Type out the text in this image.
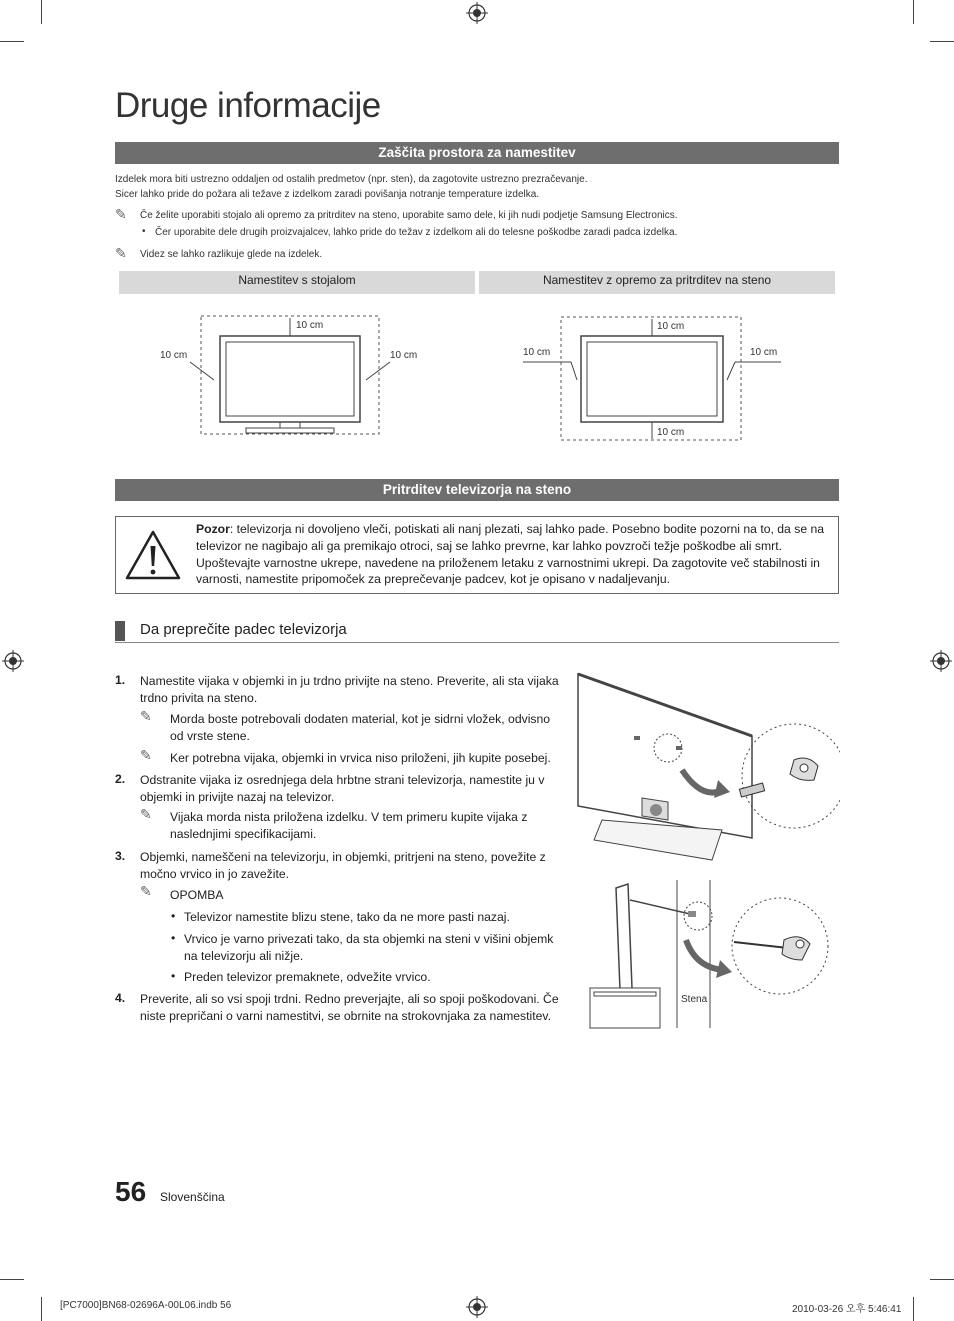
Druge informacije
Zaščita prostora za namestitev
Izdelek mora biti ustrezno oddaljen od ostalih predmetov (npr. sten), da zagotovite ustrezno prezračevanje.
Sicer lahko pride do požara ali težave z izdelkom zaradi povišanja notranje temperature izdelka.
✎ Če želite uporabiti stojalo ali opremo za pritrditev na steno, uporabite samo dele, ki jih nudi podjetje Samsung Electronics.
• Čer uporabite dele drugih proizvajalcev, lahko pride do težav z izdelkom ali do telesne poškodbe zaradi padca izdelka.
✎ Videz se lahko razlikuje glede na izdelek.
Namestitev s stojalom	Namestitev z opremo za pritrditev na steno
10 cm
10 cm	10 cm
10 cm
10 cm	10 cm
10 cm
Pritrditev televizorja na steno
Pozor: televizorja ni dovoljeno vleči, potiskati ali nanj plezati, saj lahko pade. Posebno bodite pozorni na to, da se na televizor ne nagibajo ali ga premikajo otroci, saj se lahko prevrne, kar lahko povzroči težje poškodbe ali smrt. Upoštevajte varnostne ukrepe, navedene na priloženem letaku z varnostnimi ukrepi. Da zagotovite več stabilnosti in varnosti, namestite pripomoček za preprečevanje padcev, kot je opisano v nadaljevanju.
Da preprečite padec televizorja
1. Namestite vijaka v objemki in ju trdno privijte na steno. Preverite, ali sta vijaka trdno privita na steno.
✎ Morda boste potrebovali dodaten material, kot je sidrni vložek, odvisno od vrste stene.
✎ Ker potrebna vijaka, objemki in vrvica niso priloženi, jih kupite posebej.
2. Odstranite vijaka iz osrednjega dela hrbtne strani televizorja, namestite ju v objemki in privijte nazaj na televizor.
✎ Vijaka morda nista priložena izdelku. V tem primeru kupite vijaka z naslednjimi specifikacijami.
3. Objemki, nameščeni na televizorju, in objemki, pritrjeni na steno, povežite z močno vrvico in jo zavežite.
✎ OPOMBA
• Televizor namestite blizu stene, tako da ne more pasti nazaj.
• Vrvico je varno privezati tako, da sta objemki na steni v višini objemk na televizorju ali nižje.
• Preden televizor premaknete, odvežite vrvico.
4. Preverite, ali so vsi spoji trdni. Redno preverjajte, ali so spoji poškodovani. Če niste prepričani o varni namestitvi, se obrnite na strokovnjaka za namestitev.
Stena
56 Slovenščina
[PC7000]BN68-02696A-00L06.indb 56	2010-03-26 오후 5:46:41
